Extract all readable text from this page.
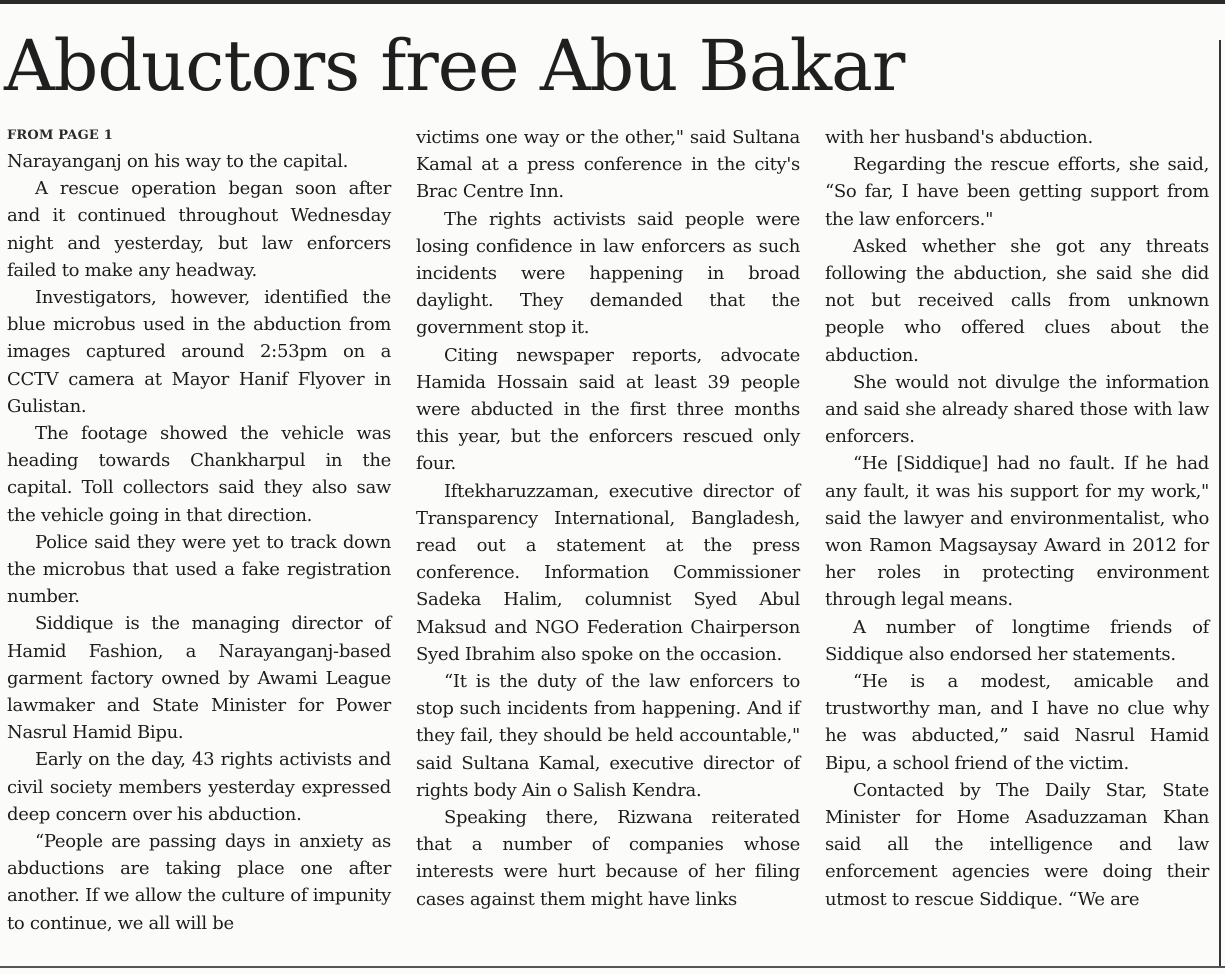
Abductors free Abu Bakar
FROM PAGE 1

Narayanganj on his way to the capital.

A rescue operation began soon after and it continued throughout Wednesday night and yesterday, but law enforcers failed to make any headway.

Investigators, however, identified the blue microbus used in the abduction from images captured around 2:53pm on a CCTV camera at Mayor Hanif Flyover in Gulistan.

The footage showed the vehicle was heading towards Chankharpul in the capital. Toll collectors said they also saw the vehicle going in that direction.

Police said they were yet to track down the microbus that used a fake registration number.

Siddique is the managing director of Hamid Fashion, a Narayanganj-based garment factory owned by Awami League lawmaker and State Minister for Power Nasrul Hamid Bipu.

Early on the day, 43 rights activists and civil society members yesterday expressed deep concern over his abduction.

“People are passing days in anxiety as abductions are taking place one after another. If we allow the culture of impunity to continue, we all will be

victims one way or the other," said Sultana Kamal at a press conference in the city's Brac Centre Inn.

The rights activists said people were losing confidence in law enforcers as such incidents were happening in broad daylight. They demanded that the government stop it.

Citing newspaper reports, advocate Hamida Hossain said at least 39 people were abducted in the first three months this year, but the enforcers rescued only four.

Iftekharuzzaman, executive director of Transparency International, Bangladesh, read out a statement at the press conference. Information Commissioner Sadeka Halim, columnist Syed Abul Maksud and NGO Federation Chairperson Syed Ibrahim also spoke on the occasion.

“It is the duty of the law enforcers to stop such incidents from happening. And if they fail, they should be held accountable," said Sultana Kamal, executive director of rights body Ain o Salish Kendra.

Speaking there, Rizwana reiterated that a number of companies whose interests were hurt because of her filing cases against them might have links

with her husband's abduction.

Regarding the rescue efforts, she said, “So far, I have been getting support from the law enforcers."

Asked whether she got any threats following the abduction, she said she did not but received calls from unknown people who offered clues about the abduction.

She would not divulge the information and said she already shared those with law enforcers.

“He [Siddique] had no fault. If he had any fault, it was his support for my work," said the lawyer and environmentalist, who won Ramon Magsaysay Award in 2012 for her roles in protecting environment through legal means.

A number of longtime friends of Siddique also endorsed her statements.

“He is a modest, amicable and trustworthy man, and I have no clue why he was abducted,” said Nasrul Hamid Bipu, a school friend of the victim.

Contacted by The Daily Star, State Minister for Home Asaduzzaman Khan said all the intelligence and law enforcement agencies were doing their utmost to rescue Siddique. “We are
